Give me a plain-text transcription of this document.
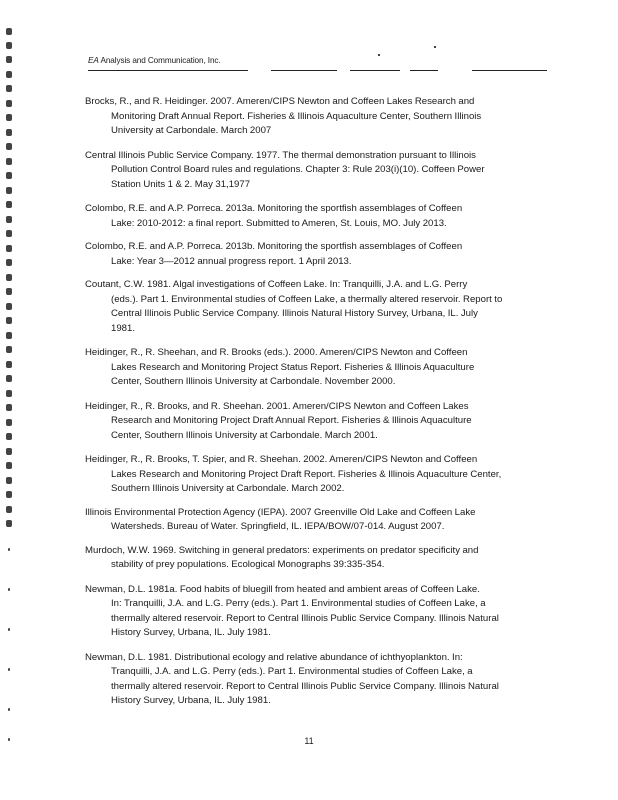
EA Analysis and Communication, Inc.
Brocks, R., and R. Heidinger. 2007. Ameren/CIPS Newton and Coffeen Lakes Research and
Monitoring Draft Annual Report. Fisheries & Illinois Aquaculture Center, Southern Illinois
University at Carbondale. March 2007
Central Illinois Public Service Company. 1977. The thermal demonstration pursuant to Illinois
Pollution Control Board rules and regulations. Chapter 3: Rule 203(i)(10). Coffeen Power
Station Units 1 & 2. May 31,1977
Colombo, R.E. and A.P. Porreca. 2013a. Monitoring the sportfish assemblages of Coffeen
Lake: 2010-2012: a final report. Submitted to Ameren, St. Louis, MO. July 2013.
Colombo, R.E. and A.P. Porreca. 2013b. Monitoring the sportfish assemblages of Coffeen
Lake: Year 3—2012 annual progress report. 1 April 2013.
Coutant, C.W. 1981. Algal investigations of Coffeen Lake. In: Tranquilli, J.A. and L.G. Perry
(eds.). Part 1. Environmental studies of Coffeen Lake, a thermally altered reservoir. Report to
Central Illinois Public Service Company. Illinois Natural History Survey, Urbana, IL. July
1981.
Heidinger, R., R. Sheehan, and R. Brooks (eds.). 2000. Ameren/CIPS Newton and Coffeen
Lakes Research and Monitoring Project Status Report. Fisheries & Illinois Aquaculture
Center, Southern Illinois University at Carbondale. November 2000.
Heidinger, R., R. Brooks, and R. Sheehan. 2001. Ameren/CIPS Newton and Coffeen Lakes
Research and Monitoring Project Draft Annual Report. Fisheries & Illinois Aquaculture
Center, Southern Illinois University at Carbondale. March 2001.
Heidinger, R., R. Brooks, T. Spier, and R. Sheehan. 2002. Ameren/CIPS Newton and Coffeen
Lakes Research and Monitoring Project Draft Report. Fisheries & Illinois Aquaculture Center,
Southern Illinois University at Carbondale. March 2002.
Illinois Environmental Protection Agency (IEPA). 2007 Greenville Old Lake and Coffeen Lake
Watersheds. Bureau of Water. Springfield, IL. IEPA/BOW/07-014. August 2007.
Murdoch, W.W. 1969. Switching in general predators: experiments on predator specificity and
stability of prey populations. Ecological Monographs 39:335-354.
Newman, D.L. 1981a. Food habits of bluegill from heated and ambient areas of Coffeen Lake.
In: Tranquilli, J.A. and L.G. Perry (eds.). Part 1. Environmental studies of Coffeen Lake, a
thermally altered reservoir. Report to Central Illinois Public Service Company. Illinois Natural
History Survey, Urbana, IL. July 1981.
Newman, D.L. 1981. Distributional ecology and relative abundance of ichthyoplankton. In:
Tranquilli, J.A. and L.G. Perry (eds.). Part 1. Environmental studies of Coffeen Lake, a
thermally altered reservoir. Report to Central Illinois Public Service Company. Illinois Natural
History Survey, Urbana, IL. July 1981.
11
